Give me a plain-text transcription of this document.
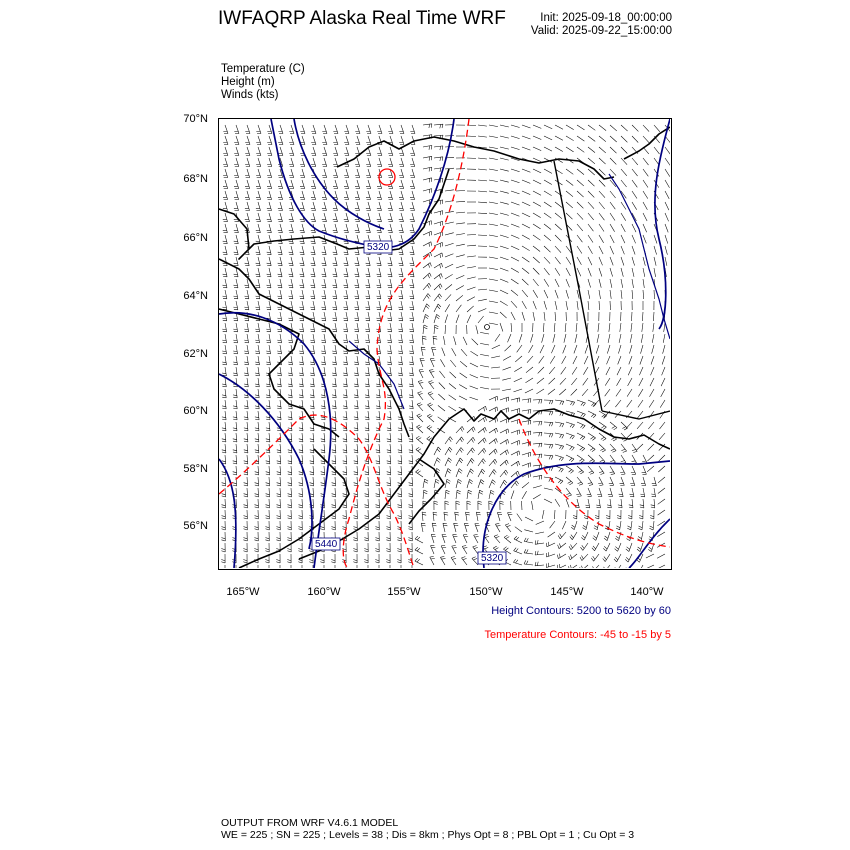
IWFAQRP Alaska Real Time WRF	Init: 2025-09-18_00:00:00
Valid: 2025-09-22_15:00:00
Temperature (C)
Height (m)
Winds (kts)
5320
5440
5320
70°N
68°N
66°N
64°N
62°N
60°N
58°N
56°N
165°W	160°W	155°W	150°W	145°W	140°W
Height Contours: 5200 to 5620 by 60
Temperature Contours: -45 to -15 by 5
OUTPUT FROM WRF V4.6.1 MODEL
WE = 225 ; SN = 225 ; Levels = 38 ; Dis = 8km ; Phys Opt = 8 ; PBL Opt = 1 ; Cu Opt = 3
